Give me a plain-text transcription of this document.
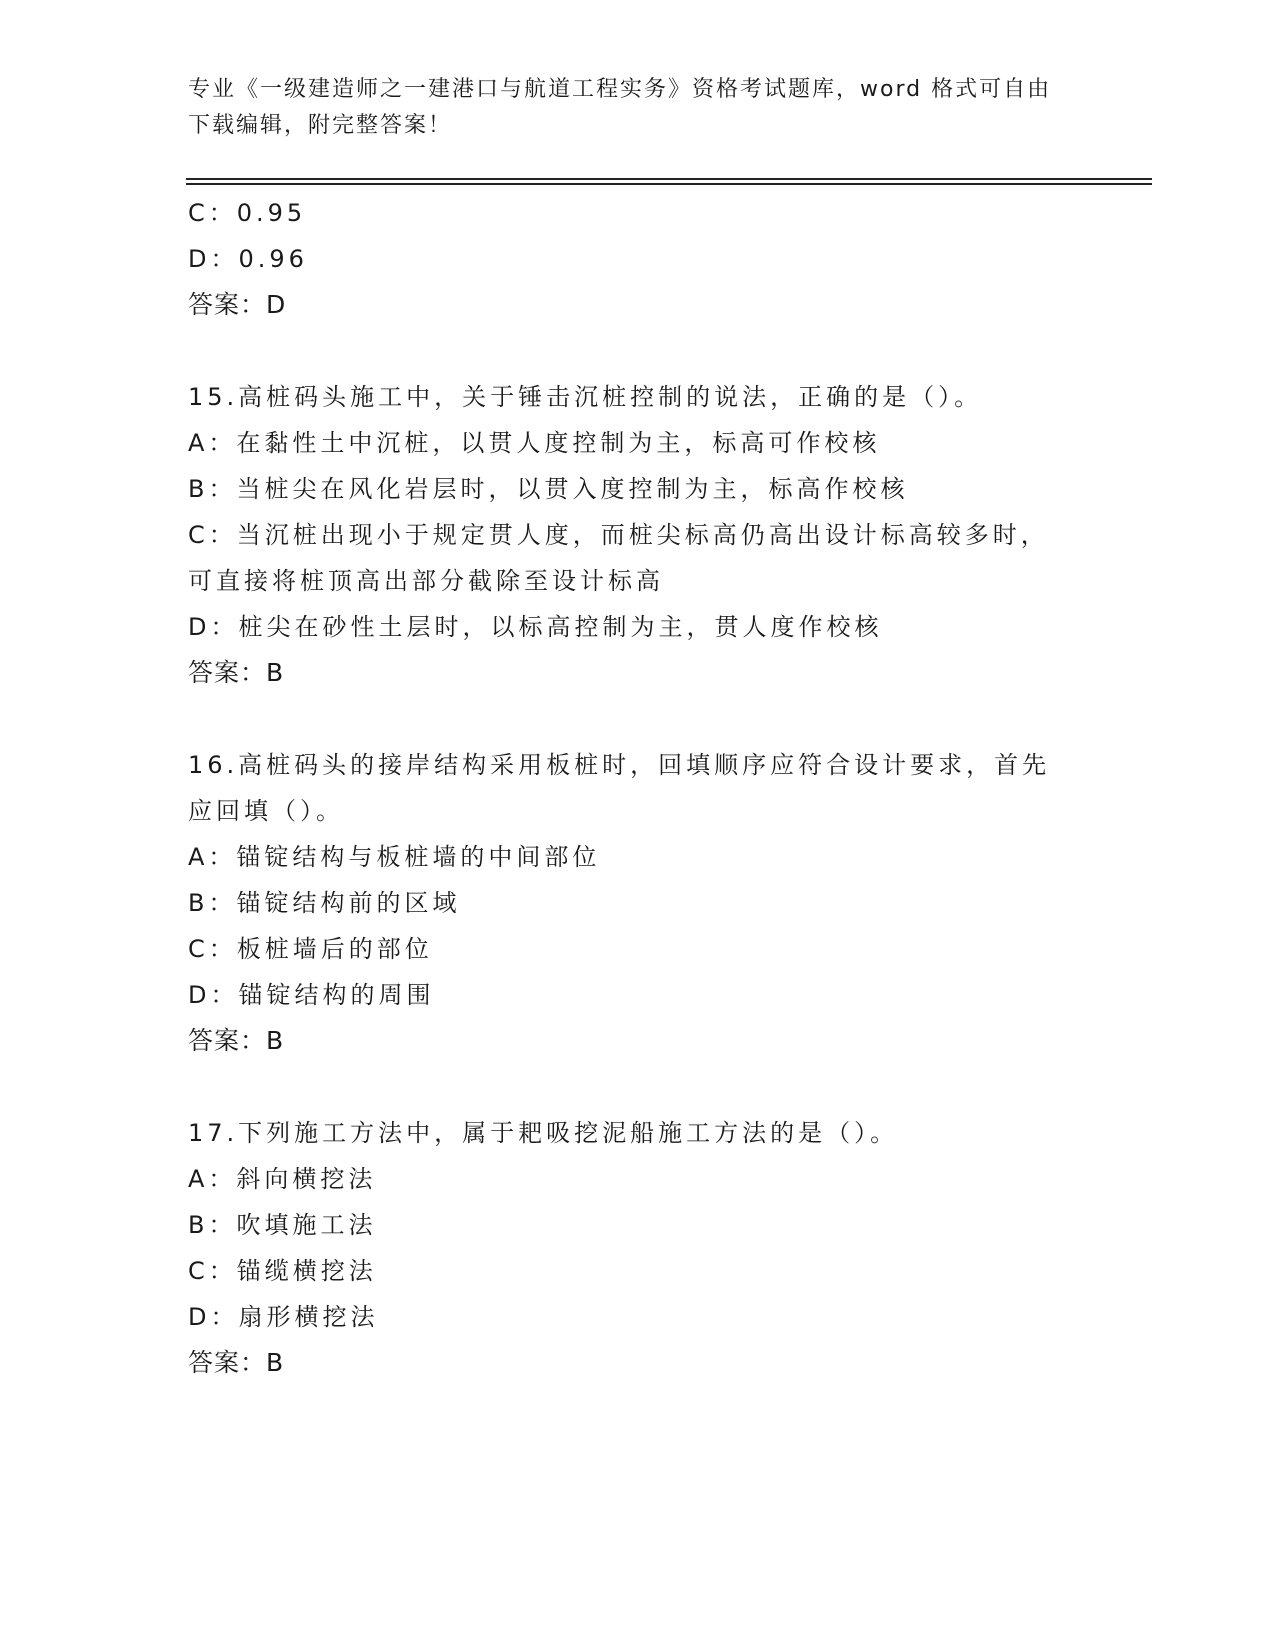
专业《一级建造师之一建港口与航道工程实务》资格考试题库，word 格式可自由
下载编辑，附完整答案！
C：0.95
D：0.96
答案：D
15.高桩码头施工中，关于锤击沉桩控制的说法，正确的是（）。
A：在黏性土中沉桩，以贯人度控制为主，标高可作校核
B：当桩尖在风化岩层时，以贯入度控制为主，标高作校核
C：当沉桩出现小于规定贯人度，而桩尖标高仍高出设计标高较多时，
可直接将桩顶高出部分截除至设计标高
D：桩尖在砂性土层时，以标高控制为主，贯人度作校核
答案：B
16.高桩码头的接岸结构采用板桩时，回填顺序应符合设计要求，首先
应回填（）。
A：锚锭结构与板桩墙的中间部位
B：锚锭结构前的区域
C：板桩墙后的部位
D：锚锭结构的周围
答案：B
17.下列施工方法中，属于耙吸挖泥船施工方法的是（）。
A：斜向横挖法
B：吹填施工法
C：锚缆横挖法
D：扇形横挖法
答案：B
